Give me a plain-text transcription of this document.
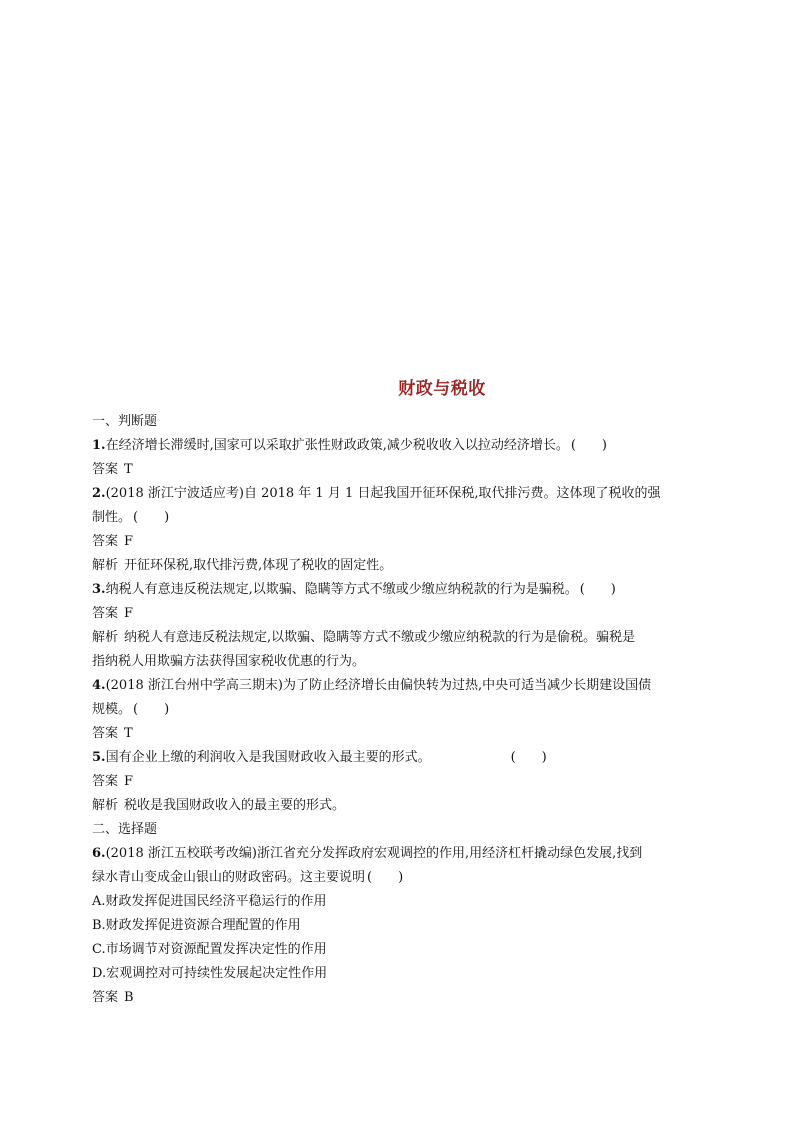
财政与税收
一、判断题
1.在经济增长滞缓时,国家可以采取扩张性财政政策,减少税收收入以拉动经济增长。 (　　)
答案 T
2.(2018 浙江宁波适应考)自 2018 年 1 月 1 日起我国开征环保税,取代排污费。这体现了税收的强
制性。 (　　)
答案 F
解析 开征环保税,取代排污费,体现了税收的固定性。
3.纳税人有意违反税法规定,以欺骗、隐瞒等方式不缴或少缴应纳税款的行为是骗税。 (　　)
答案 F
解析 纳税人有意违反税法规定,以欺骗、隐瞒等方式不缴或少缴应纳税款的行为是偷税。骗税是
指纳税人用欺骗方法获得国家税收优惠的行为。
4.(2018 浙江台州中学高三期末)为了防止经济增长由偏快转为过热,中央可适当减少长期建设国债
规模。 (　　)
答案 T
5.国有企业上缴的利润收入是我国财政收入最主要的形式。	(　　)
答案 F
解析 税收是我国财政收入的最主要的形式。
二、选择题
6.(2018 浙江五校联考改编)浙江省充分发挥政府宏观调控的作用,用经济杠杆撬动绿色发展,找到
绿水青山变成金山银山的财政密码。这主要说明 (　　)
A.财政发挥促进国民经济平稳运行的作用
B.财政发挥促进资源合理配置的作用
C.市场调节对资源配置发挥决定性的作用
D.宏观调控对可持续性发展起决定性作用
答案 B
